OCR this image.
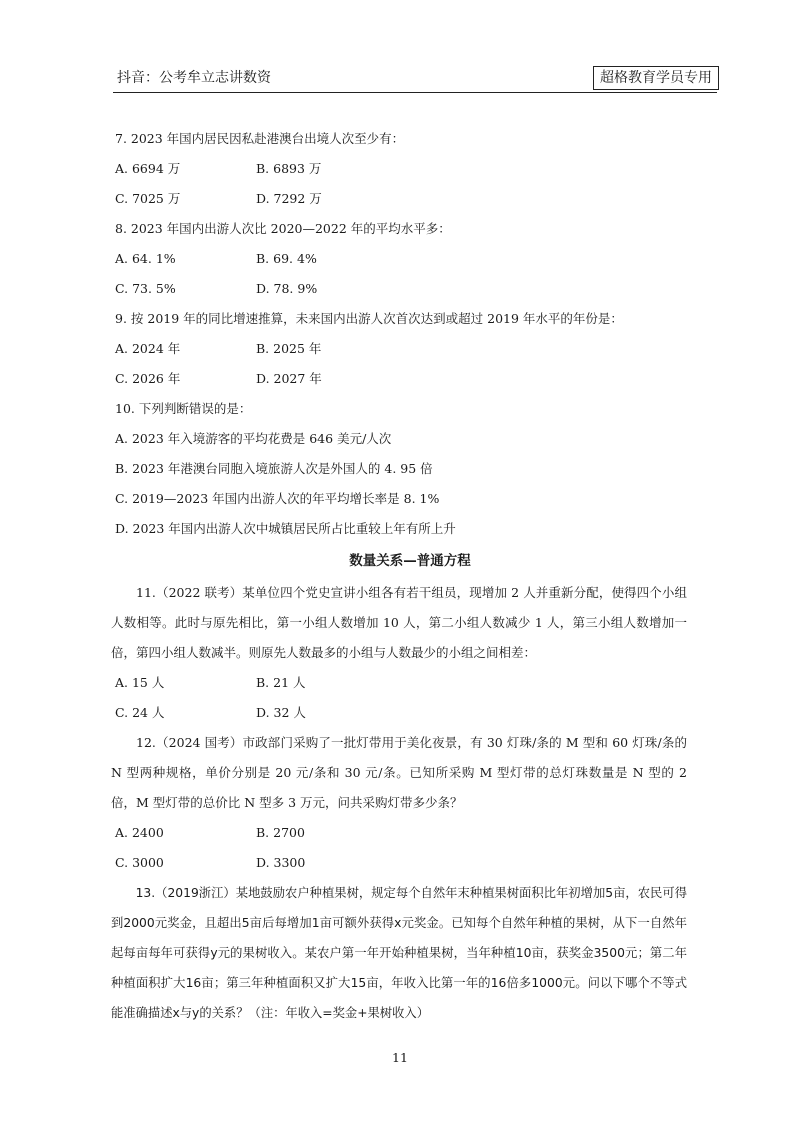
抖音：公考牟立志讲数资	超格教育学员专用
7. 2023 年国内居民因私赴港澳台出境人次至少有：
A. 6694 万	B. 6893 万
C. 7025 万	D. 7292 万
8. 2023 年国内出游人次比 2020—2022 年的平均水平多：
A. 64. 1%	B. 69. 4%
C. 73. 5%	D. 78. 9%
9. 按 2019 年的同比增速推算，未来国内出游人次首次达到或超过 2019 年水平的年份是：
A. 2024 年	B. 2025 年
C. 2026 年	D. 2027 年
10. 下列判断错误的是：
A. 2023 年入境游客的平均花费是 646 美元/人次
B. 2023 年港澳台同胞入境旅游人次是外国人的 4. 95 倍
C. 2019—2023 年国内出游人次的年平均增长率是 8. 1%
D. 2023 年国内出游人次中城镇居民所占比重较上年有所上升
数量关系—普通方程
11.（2022 联考）某单位四个党史宣讲小组各有若干组员，现增加 2 人并重新分配，使得四个小组人数相等。此时与原先相比，第一小组人数增加 10 人，第二小组人数减少 1 人，第三小组人数增加一倍，第四小组人数减半。则原先人数最多的小组与人数最少的小组之间相差：
A. 15 人	B. 21 人
C. 24 人	D. 32 人
12.（2024 国考）市政部门采购了一批灯带用于美化夜景，有 30 灯珠/条的 M 型和 60 灯珠/条的 N 型两种规格，单价分别是 20 元/条和 30 元/条。已知所采购 M 型灯带的总灯珠数量是 N 型的 2 倍，M 型灯带的总价比 N 型多 3 万元，问共采购灯带多少条？
A. 2400	B. 2700
C. 3000	D. 3300
13.（2019浙江）某地鼓励农户种植果树，规定每个自然年末种植果树面积比年初增加5亩，农民可得到2000元奖金，且超出5亩后每增加1亩可额外获得x元奖金。已知每个自然年种植的果树，从下一自然年起每亩每年可获得y元的果树收入。某农户第一年开始种植果树，当年种植10亩，获奖金3500元；第二年种植面积扩大16亩；第三年种植面积又扩大15亩，年收入比第一年的16倍多1000元。问以下哪个不等式能准确描述x与y的关系？（注：年收入=奖金+果树收入）
11
